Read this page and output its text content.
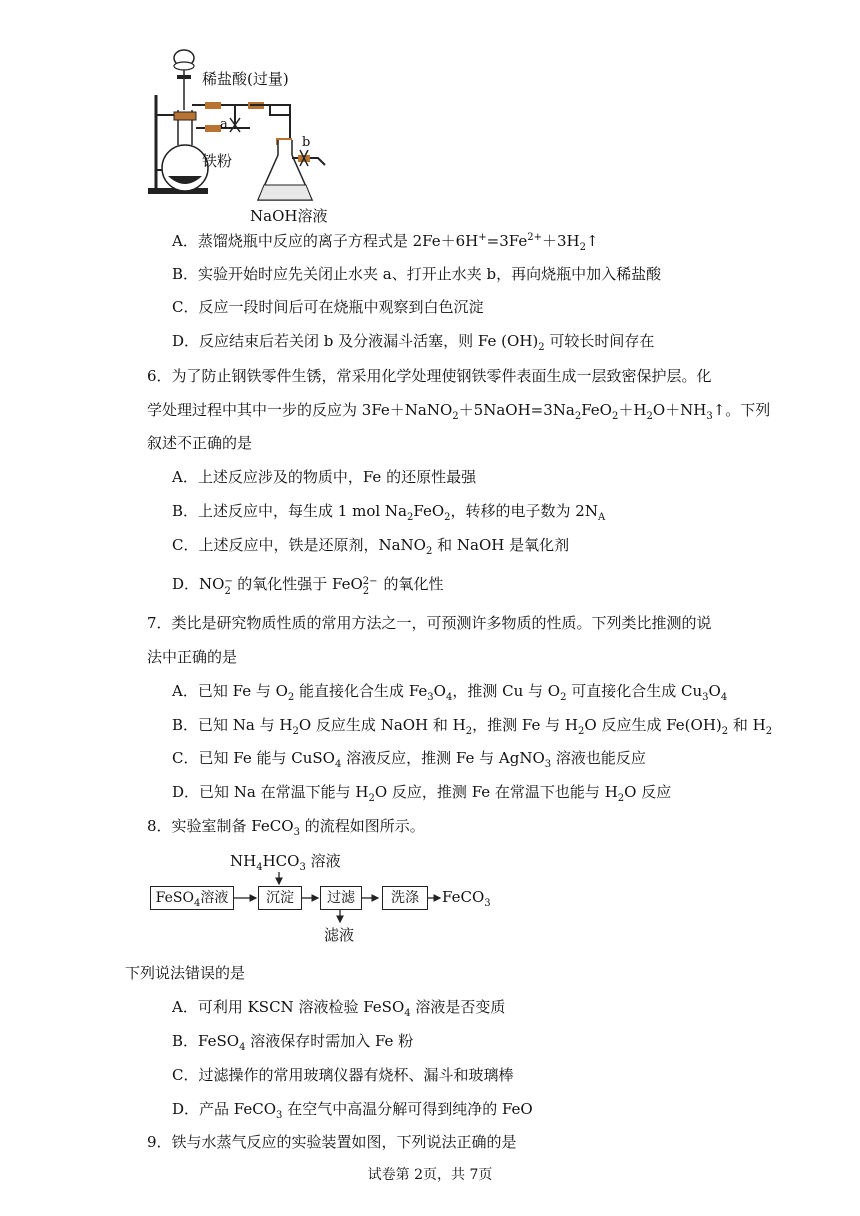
稀盐酸(过量)
铁粉
a
b
NaOH溶液
A．蒸馏烧瓶中反应的离子方程式是 $2Fe+6H^+=3Fe^{2+}+3H_2↑$
B．实验开始时应先关闭止水夹 a、打开止水夹 b，再向烧瓶中加入稀盐酸
C．反应一段时间后可在烧瓶中观察到白色沉淀
D．反应结束后若关闭 b 及分液漏斗活塞，则 Fe $(OH)_2$ 可较长时间存在
6．为了防止钢铁零件生锈，常采用化学处理使钢铁零件表面生成一层致密保护层。化
学处理过程中其中一步的反应为 $3Fe+NaNO_2+5NaOH=3Na_2FeO_2+H_2O+NH_3↑$。下列
叙述不正确的是
A．上述反应涉及的物质中，Fe 的还原性最强
B．上述反应中，每生成 1 mol $Na_2FeO_2$，转移的电子数为 $2N_A$
C．上述反应中，铁是还原剂，NaNO$_2$ 和 NaOH 是氧化剂
D．NO −
2 的氧化性强于 FeO 2−
2 的氧化性
7．类比是研究物质性质的常用方法之一，可预测许多物质的性质。下列类比推测的说
法中正确的是
A．已知 Fe 与 $O_2$ 能直接化合生成 $Fe_3O_4$，推测 Cu 与 $O_2$ 可直接化合生成 $Cu_3O_4$
B．已知 Na 与 $H_2O$ 反应生成 NaOH 和 $H_2$，推测 Fe 与 $H_2O$ 反应生成 $Fe(OH)_2$ 和 $H_2$
C．已知 Fe 能与 CuSO$_4$ 溶液反应，推测 Fe 与 AgNO$_3$ 溶液也能反应
D．已知 Na 在常温下能与 $H_2O$ 反应，推测 Fe 在常温下也能与 $H_2O$ 反应
8．实验室制备 FeCO$_3$ 的流程如图所示。
$NH_4HCO_3$ 溶液
FeSO$_4$溶液	沉淀	过滤	洗涤	FeCO$_3$
滤液
下列说法错误的是
A．可利用 KSCN 溶液检验 FeSO$_4$ 溶液是否变质
B．FeSO$_4$ 溶液保存时需加入 Fe 粉
C．过滤操作的常用玻璃仪器有烧杯、漏斗和玻璃棒
D．产品 FeCO$_3$ 在空气中高温分解可得到纯净的 FeO
9．铁与水蒸气反应的实验装置如图，下列说法正确的是
试卷第 2页，共 7页
